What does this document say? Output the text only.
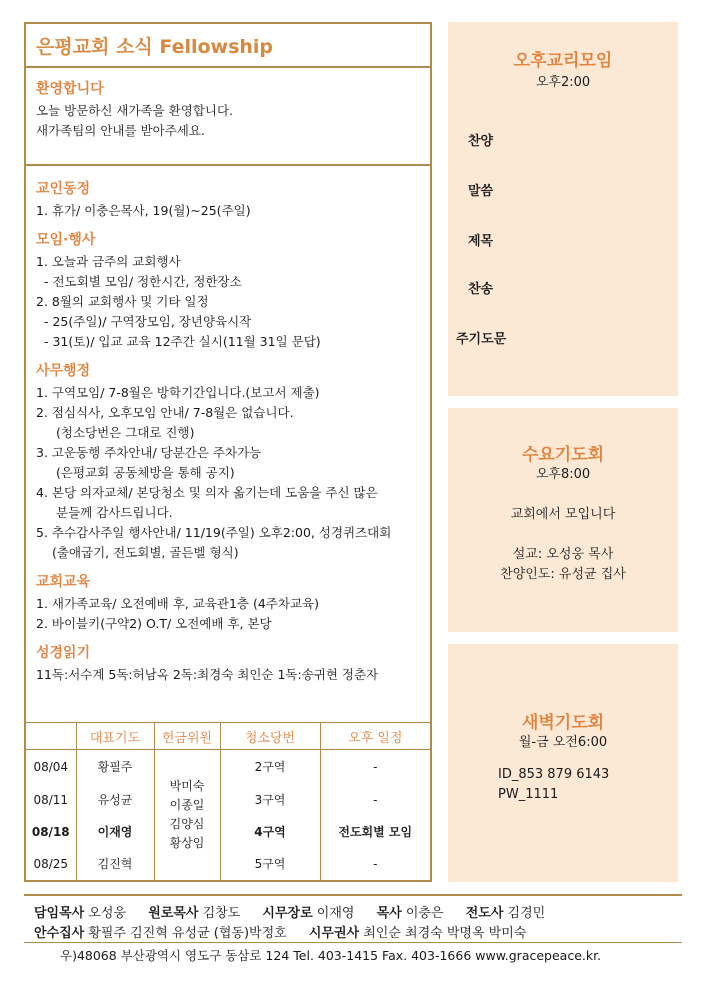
은평교회 소식 Fellowship
환영합니다
오늘 방문하신 새가족을 환영합니다.
새가족팀의 안내를 받아주세요.
교인동정
1. 휴가/ 이충은목사, 19(월)~25(주일)
모임·행사
1. 오늘과 금주의 교회행사
- 전도회별 모임/ 정한시간, 정한장소
2. 8월의 교회행사 및 기타 일정
- 25(주일)/ 구역장모임, 장년양육시작
- 31(토)/ 입교 교육 12주간 실시(11월 31일 문답)
사무행정
1. 구역모임/ 7-8월은 방학기간입니다.(보고서 제출)
2. 점심식사, 오후모임 안내/ 7-8월은 없습니다.
(청소당번은 그대로 진행)
3. 고운동행 주차안내/ 당분간은 주차가능
(은평교회 공동체방을 통해 공지)
4. 본당 의자교체/ 본당청소 및 의자 옮기는데 도움을 주신 많은
분들께 감사드립니다.
5. 추수감사주일 행사안내/ 11/19(주일) 오후2:00, 성경퀴즈대회
(출애굽기, 전도회별, 골든벨 형식)
교회교육
1. 새가족교육/ 오전예배 후, 교육관1층 (4주차교육)
2. 바이블키(구약2) O.T/ 오전예배 후, 본당
성경읽기
11독:서수계 5독:허남옥 2독:최경숙 최인순 1독:송귀현 정춘자
	대표기도	헌금위원	청소당번	오후 일정
08/04	황필주	박미숙
이종일
김양심
황상임	2구역	-
08/11	유성균		3구역	-
08/18	이재영		4구역	전도회별 모임
08/25	김진혁		5구역	-
오후교리모임
오후2:00
찬양
말씀
제목
찬송
주기도문
수요기도회
오후8:00
교회에서 모입니다
설교: 오성웅 목사
찬양인도: 유성균 집사
새벽기도회
월-금 오전6:00
ID_853 879 6143
PW_1111
담임목사 오성웅 원로목사 김창도 시무장로 이재영 목사 이충은 전도사 김경민
안수집사 황필주 김진혁 유성균 (협동)박정호 시무권사 최인순 최경숙 박명옥 박미숙
우)48068 부산광역시 영도구 동삼로 124 Tel. 403-1415 Fax. 403-1666 www.gracepeace.kr.
